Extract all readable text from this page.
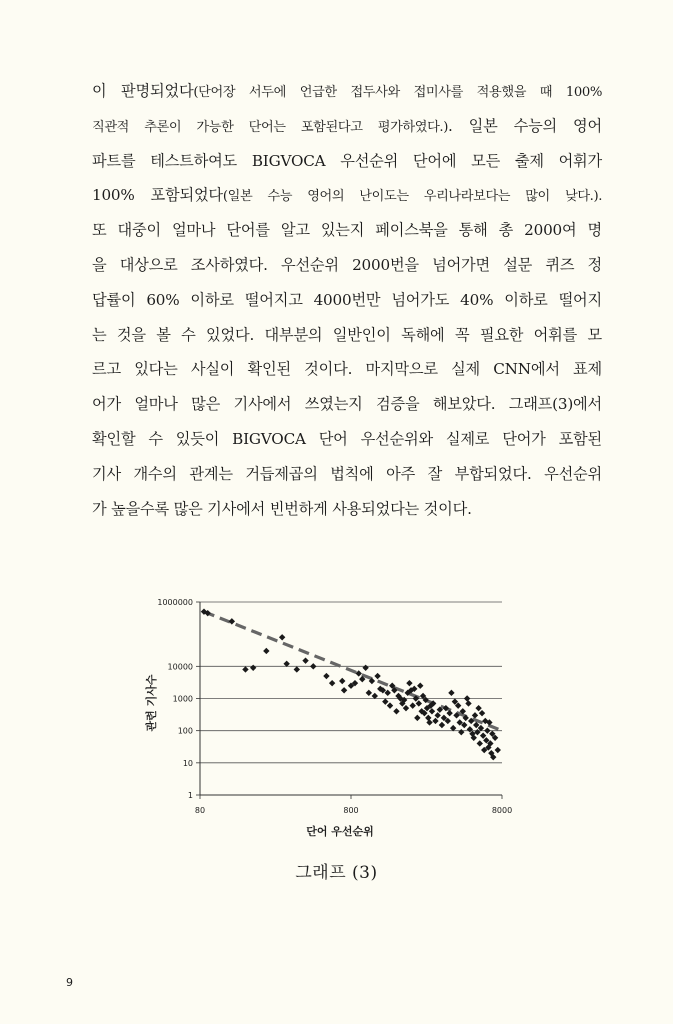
이 판명되었다(단어장 서두에 언급한 접두사와 접미사를 적용했을 때 100%
직관적 추론이 가능한 단어는 포함된다고 평가하였다.). 일본 수능의 영어
파트를 테스트하여도 BIGVOCA 우선순위 단어에 모든 출제 어휘가
100% 포함되었다(일본 수능 영어의 난이도는 우리나라보다는 많이 낮다.).
또 대중이 얼마나 단어를 알고 있는지 페이스북을 통해 총 2000여 명
을 대상으로 조사하였다. 우선순위 2000번을 넘어가면 설문 퀴즈 정
답률이 60% 이하로 떨어지고 4000번만 넘어가도 40% 이하로 떨어지
는 것을 볼 수 있었다. 대부분의 일반인이 독해에 꼭 필요한 어휘를 모
르고 있다는 사실이 확인된 것이다. 마지막으로 실제 CNN에서 표제
어가 얼마나 많은 기사에서 쓰였는지 검증을 해보았다. 그래프(3)에서
확인할 수 있듯이 BIGVOCA 단어 우선순위와 실제로 단어가 포함된
기사 개수의 관계는 거듭제곱의 법칙에 아주 잘 부합되었다. 우선순위
가 높을수록 많은 기사에서 빈번하게 사용되었다는 것이다.
1
10
100
1000
10000
1000000
80	800	8000
관련 기사수
단어 우선순위
그래프 (3)
9
